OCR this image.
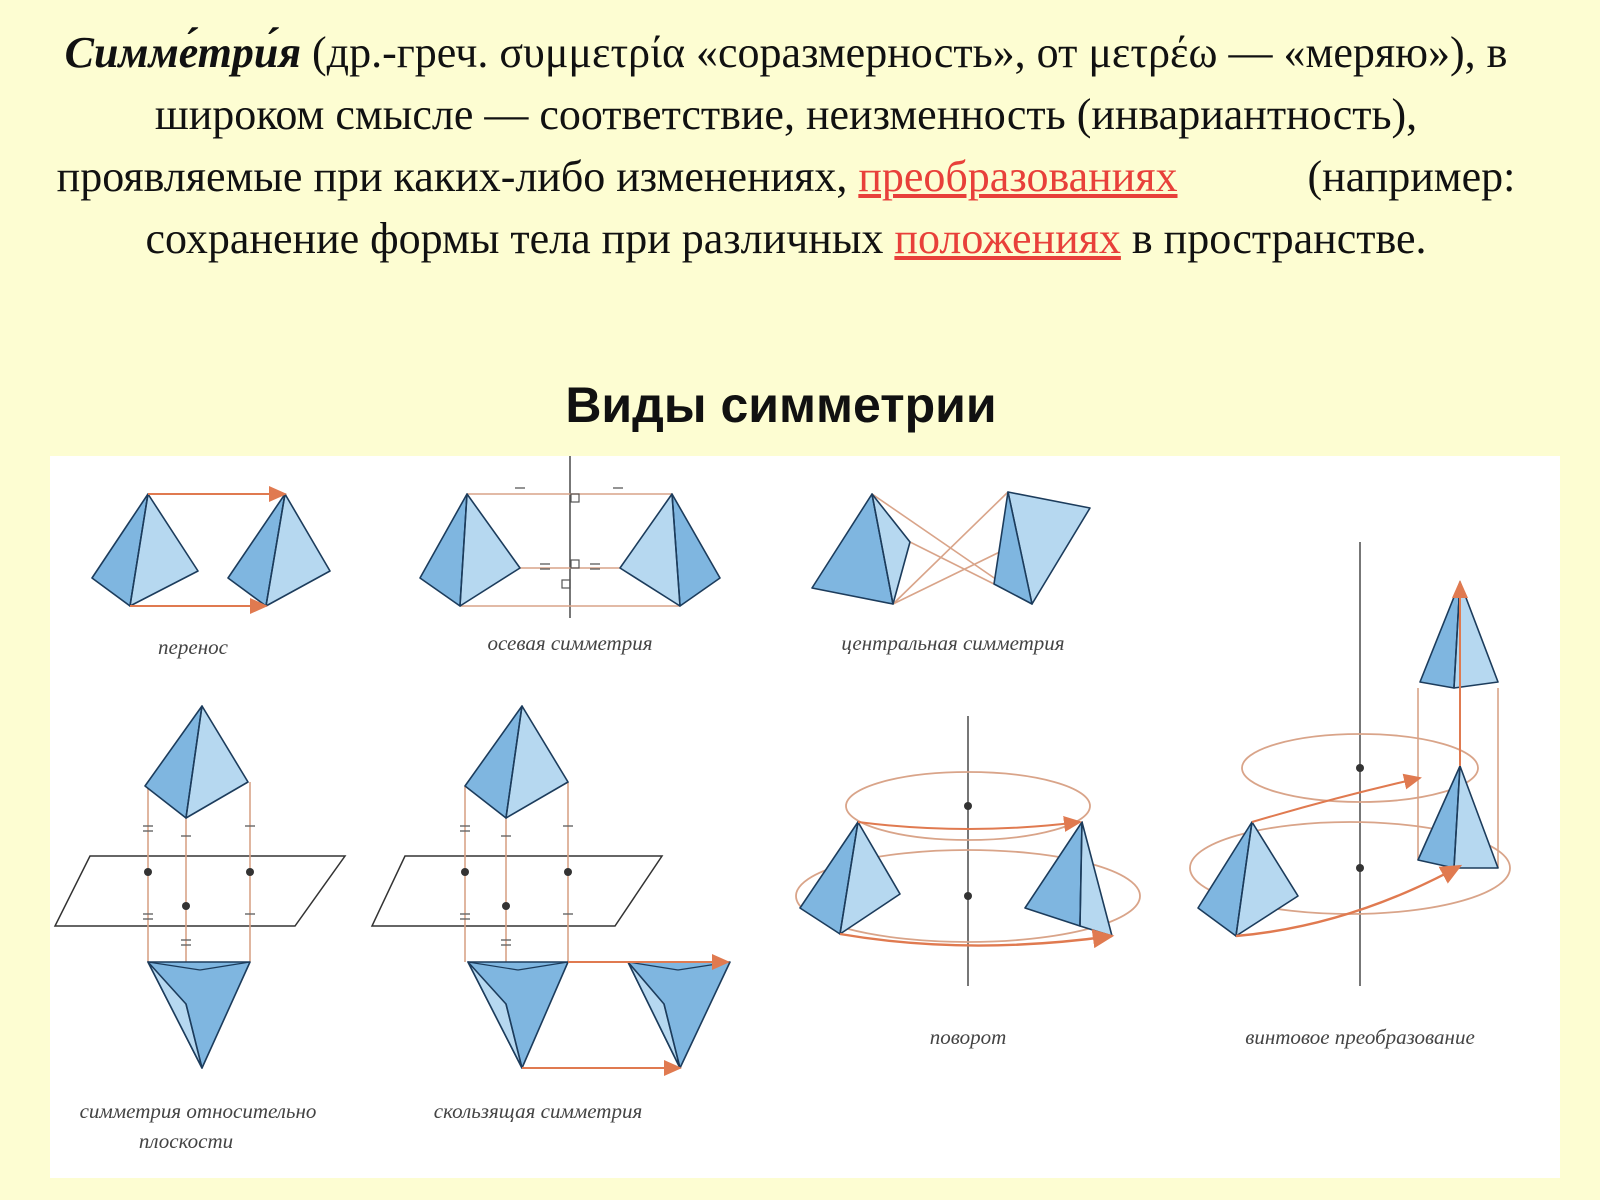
Симме́три́я (др.-греч. συμμετρία «соразмерность», от μετρέω — «меряю»), в широком смысле — соответствие, неизменность (инвариантность), проявляемые при каких-либо изменениях, преобразованиях	(например: сохранение формы тела при различных положениях в пространстве.
Виды симметрии
перенос	осевая симметрия	центральная симметрия
симметрия относительно
плоскости
скользящая симметрия
поворот	винтовое преобразование
